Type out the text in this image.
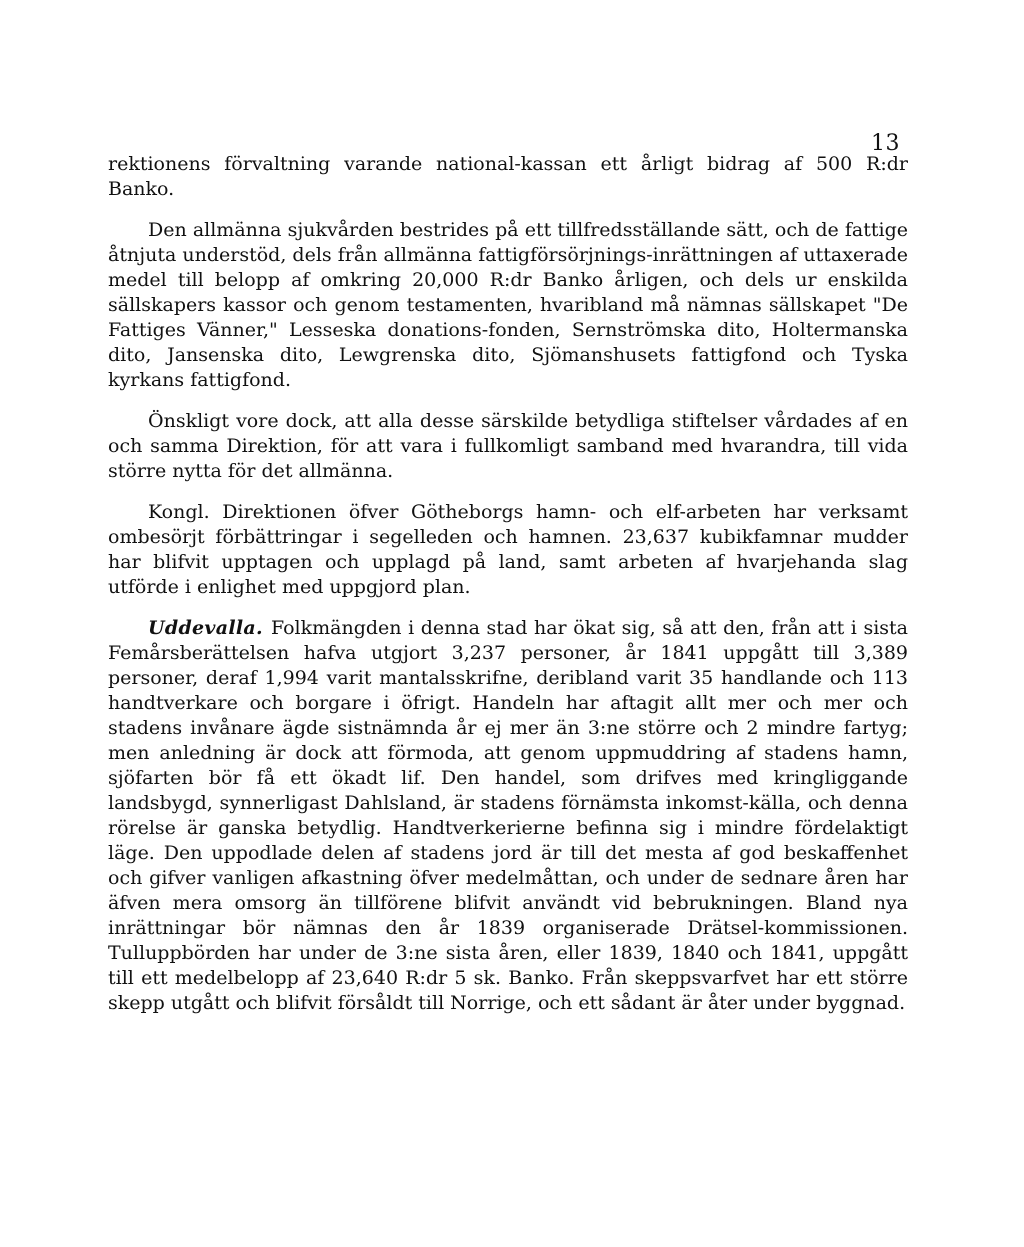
13

rektionens förvaltning varande national-kassan ett årligt bidrag af 500 R:dr Banko.

Den allmänna sjukvården bestrides på ett tillfredsställande sätt, och de fattige åtnjuta understöd, dels från allmänna fattigförsörjnings-inrättningen af uttaxerade medel till belopp af omkring 20,000 R:dr Banko årligen, och dels ur enskilda sällskapers kassor och genom testamenten, hvaribland må nämnas sällskapet "De Fattiges Vänner," Lesseska donations-fonden, Sernströmska dito, Holtermanska dito, Jansenska dito, Lewgrenska dito, Sjömanshusets fattigfond och Tyska kyrkans fattigfond.

Önskligt vore dock, att alla desse särskilde betydliga stiftelser vårdades af en och samma Direktion, för att vara i fullkomligt samband med hvarandra, till vida större nytta för det allmänna.

Kongl. Direktionen öfver Götheborgs hamn- och elf-arbeten har verksamt ombesörjt förbättringar i segelleden och hamnen. 23,637 kubikfamnar mudder har blifvit upptagen och upplagd på land, samt arbeten af hvarjehanda slag utförde i enlighet med uppgjord plan.

Uddevalla. Folkmängden i denna stad har ökat sig, så att den, från att i sista Femårsberättelsen hafva utgjort 3,237 personer, år 1841 uppgått till 3,389 personer, deraf 1,994 varit mantalsskrifne, deribland varit 35 handlande och 113 handtverkare och borgare i öfrigt. Handeln har aftagit allt mer och mer och stadens invånare ägde sistnämnda år ej mer än 3:ne större och 2 mindre fartyg; men anledning är dock att förmoda, att genom uppmuddring af stadens hamn, sjöfarten bör få ett ökadt lif. Den handel, som drifves med kringliggande landsbygd, synnerligast Dahlsland, är stadens förnämsta inkomst-källa, och denna rörelse är ganska betydlig. Handtverkerierne befinna sig i mindre fördelaktigt läge. Den uppodlade delen af stadens jord är till det mesta af god beskaffenhet och gifver vanligen afkastning öfver medelmåttan, och under de sednare åren har äfven mera omsorg än tillförene blifvit användt vid bebrukningen. Bland nya inrättningar bör nämnas den år 1839 organiserade Drätsel-kommissionen. Tulluppbörden har under de 3:ne sista åren, eller 1839, 1840 och 1841, uppgått till ett medelbelopp af 23,640 R:dr 5 sk. Banko. Från skeppsvarfvet har ett större skepp utgått och blifvit försåldt till Norrige, och ett sådant är åter under byggnad.
